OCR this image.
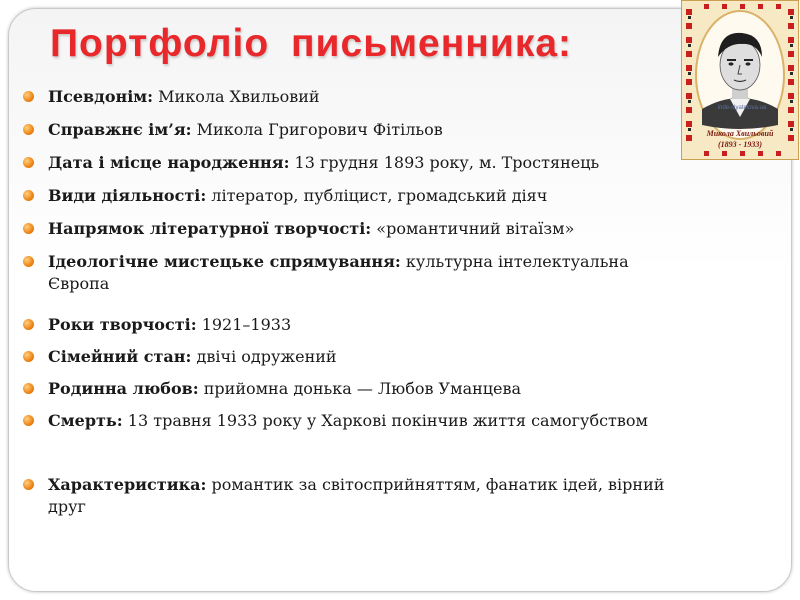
Портфоліо письменника:
inde-slyatelova.ua
Микола Хвильовий
(1893 - 1933)
Псевдонім: Микола Хвильовий
Справжнє ім’я: Микола Григорович Фітільов
Дата і місце народження: 13 грудня 1893 року, м. Тростянець
Види діяльності: літератор, публіцист, громадський діяч
Напрямок літературної творчості: «романтичний вітаїзм»
Ідеологічне мистецьке спрямування: культурна інтелектуальна Європа
Роки творчості: 1921–1933
Сімейний стан: двічі одружений
Родинна любов: прийомна донька — Любов Уманцева
Смерть: 13 травня 1933 року у Харкові покінчив життя самогубством
Характеристика: романтик за світосприйняттям, фанатик ідей, вірний друг
